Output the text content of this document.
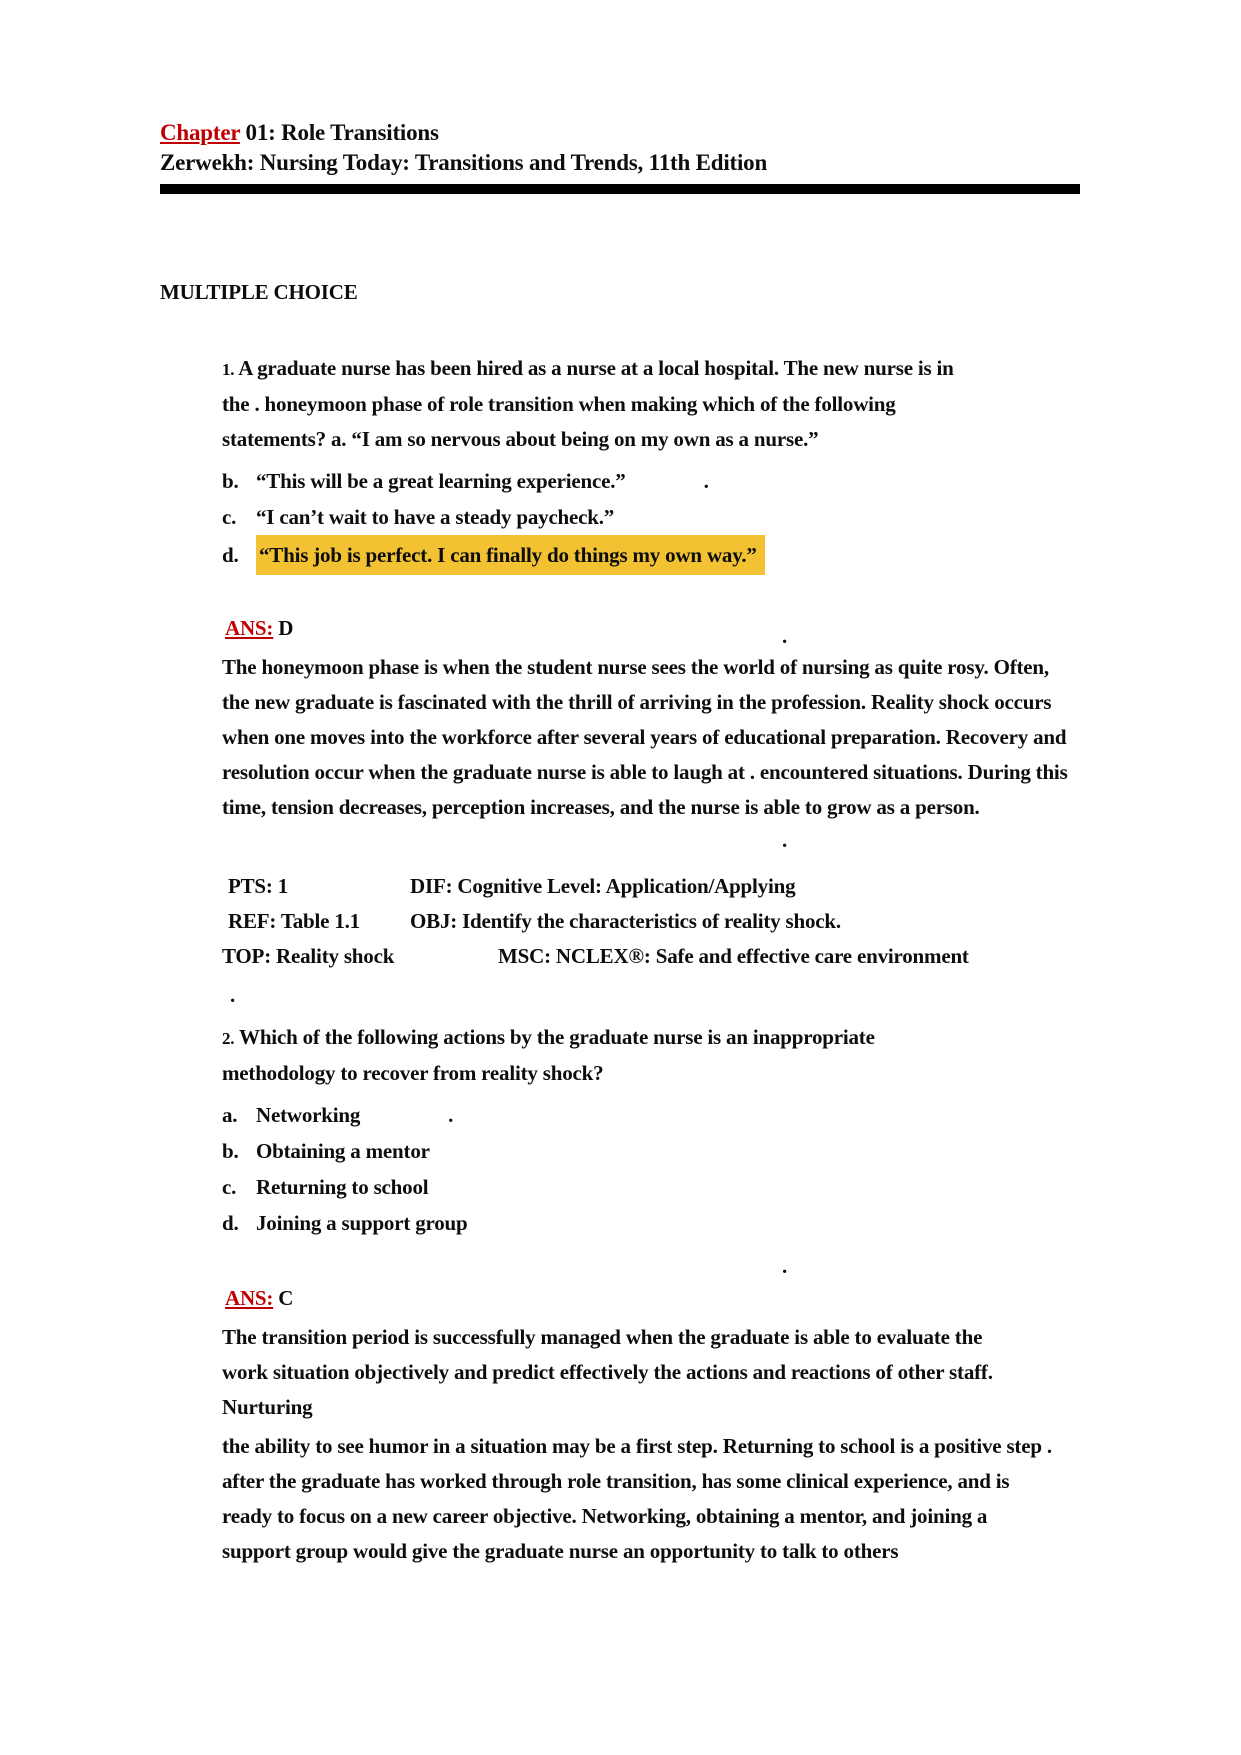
Chapter 01: Role Transitions
Zerwekh: Nursing Today: Transitions and Trends, 11th Edition
MULTIPLE CHOICE

1. A graduate nurse has been hired as a nurse at a local hospital. The new nurse is in the . honeymoon phase of role transition when making which of the following statements? a. “I am so nervous about being on my own as a nurse.”

b. “This will be a great learning experience.”	.
c. “I can’t wait to have a steady paycheck.”
d. “This job is perfect. I can finally do things my own way.”
ANS: D	.

The honeymoon phase is when the student nurse sees the world of nursing as quite rosy. Often, the new graduate is fascinated with the thrill of arriving in the profession. Reality shock occurs when one moves into the workforce after several years of educational preparation. Recovery and resolution occur when the graduate nurse is able to laugh at . encountered situations. During this time, tension decreases, perception increases, and the nurse is able to grow as a person.

.
PTS: 1	DIF: Cognitive Level: Application/Applying
REF: Table 1.1	OBJ: Identify the characteristics of reality shock.
TOP: Reality shock	MSC: NCLEX®: Safe and effective care environment
.

2. Which of the following actions by the graduate nurse is an inappropriate methodology to recover from reality shock?

a. Networking	.
b. Obtaining a mentor
c. Returning to school
d. Joining a support group
.
ANS: C

The transition period is successfully managed when the graduate is able to evaluate the work situation objectively and predict effectively the actions and reactions of other staff.

Nurturing

the ability to see humor in a situation may be a first step. Returning to school is a positive step . after the graduate has worked through role transition, has some clinical experience, and is ready to focus on a new career objective. Networking, obtaining a mentor, and joining a support group would give the graduate nurse an opportunity to talk to others
